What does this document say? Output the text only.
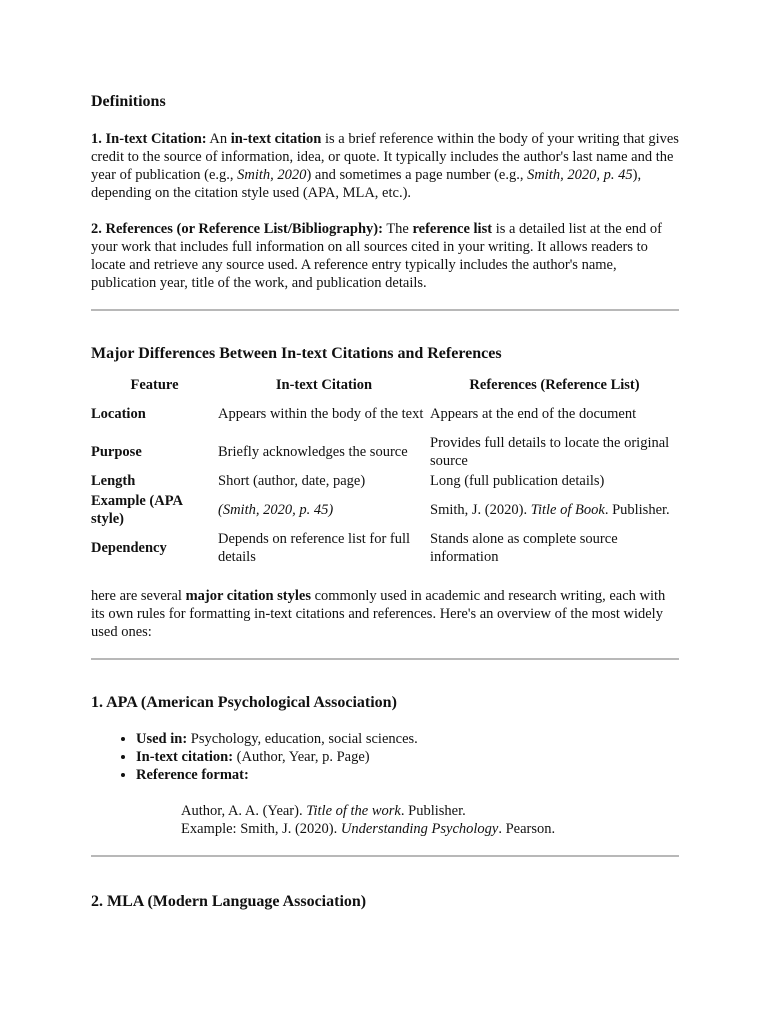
Definitions

1. In-text Citation: An in-text citation is a brief reference within the body of your writing that gives credit to the source of information, idea, or quote. It typically includes the author's last name and the year of publication (e.g., Smith, 2020) and sometimes a page number (e.g., Smith, 2020, p. 45), depending on the citation style used (APA, MLA, etc.).

2. References (or Reference List/Bibliography): The reference list is a detailed list at the end of your work that includes full information on all sources cited in your writing. It allows readers to locate and retrieve any source used. A reference entry typically includes the author's name, publication year, title of the work, and publication details.

Major Differences Between In-text Citations and References
Feature	In-text Citation	References (Reference List)
Location	Appears within the body of the text	Appears at the end of the document
Purpose	Briefly acknowledges the source	Provides full details to locate the original source
Length	Short (author, date, page)	Long (full publication details)
Example (APA style)	(Smith, 2020, p. 45)	Smith, J. (2020). Title of Book. Publisher.
Dependency	Depends on reference list for full details	Stands alone as complete source information

here are several major citation styles commonly used in academic and research writing, each with its own rules for formatting in-text citations and references. Here's an overview of the most widely used ones:

1. APA (American Psychological Association)
• Used in: Psychology, education, social sciences.
• In-text citation: (Author, Year, p. Page)
• Reference format:
Author, A. A. (Year). Title of the work. Publisher.
Example: Smith, J. (2020). Understanding Psychology. Pearson.
2. MLA (Modern Language Association)
